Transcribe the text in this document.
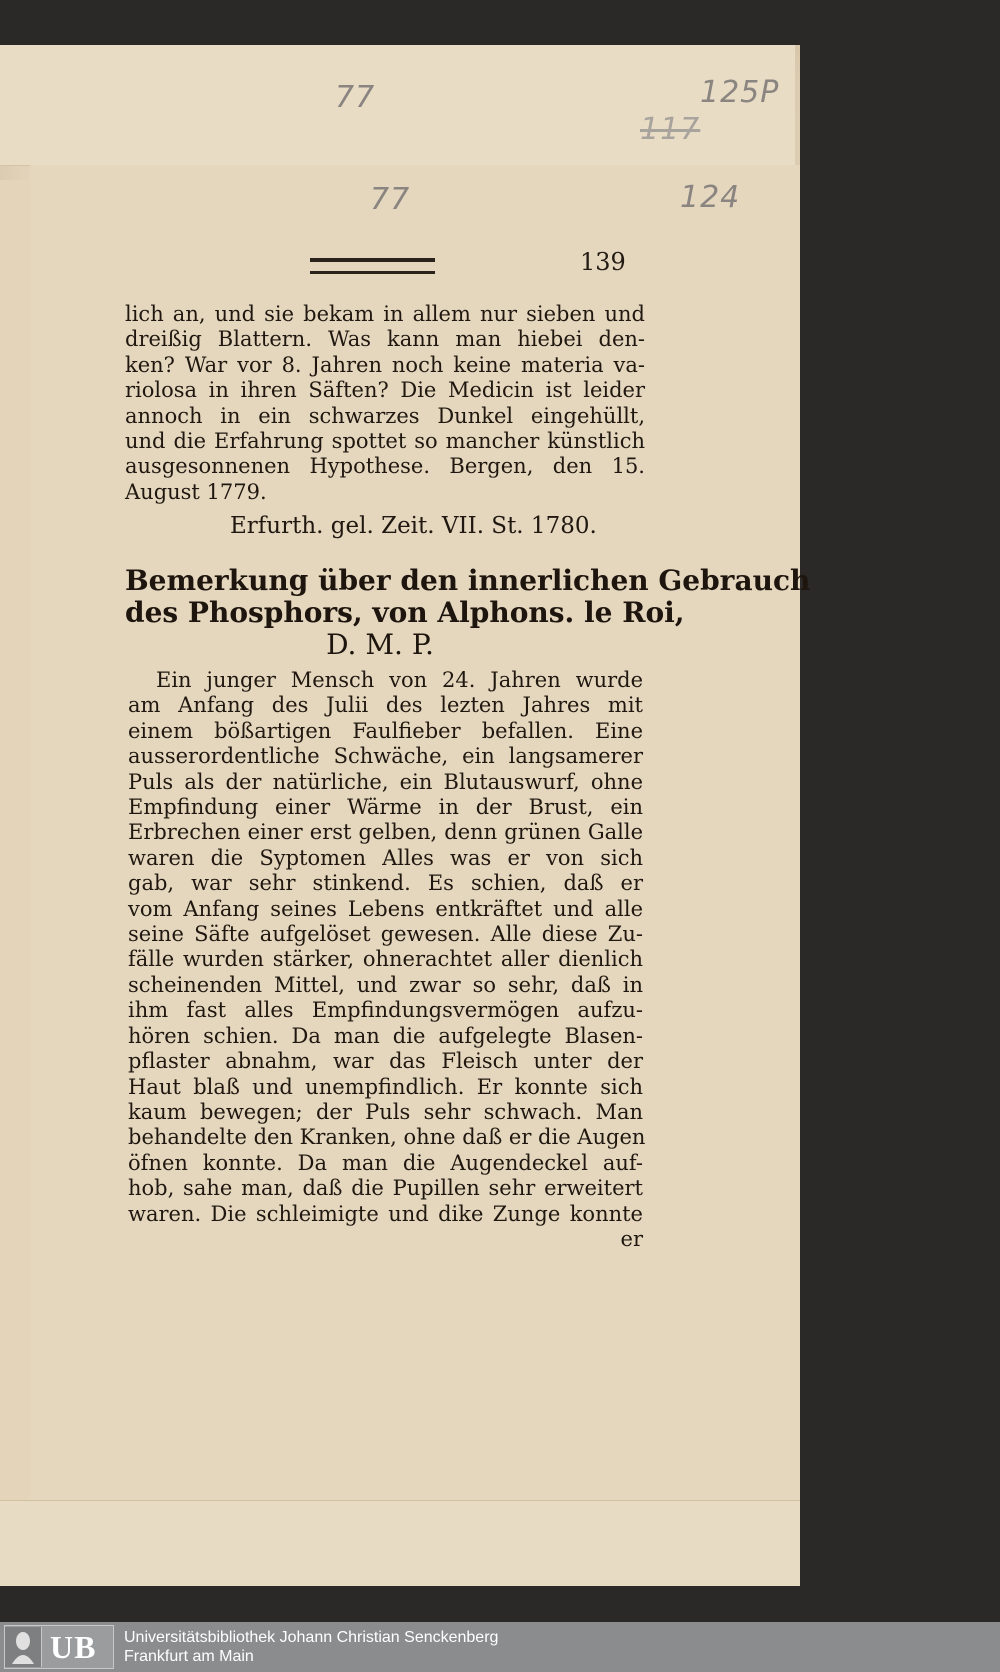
77	125P
117
77	124
139
lich an, und sie bekam in allem nur sieben und
dreißig Blattern. Was kann man hiebei den-
ken? War vor 8. Jahren noch keine materia va-
riolosa in ihren Säften? Die Medicin ist leider
annoch in ein schwarzes Dunkel eingehüllt,
und die Erfahrung spottet so mancher künstlich
ausgesonnenen Hypothese. Bergen, den 15.
August 1779.
Erfurth. gel. Zeit. VII. St. 1780.
Bemerkung über den innerlichen Gebrauch
des Phosphors, von Alphons. le Roi,
D. M. P.
Ein junger Mensch von 24. Jahren wurde
am Anfang des Julii des lezten Jahres mit
einem bößartigen Faulfieber befallen. Eine
ausserordentliche Schwäche, ein langsamerer
Puls als der natürliche, ein Blutauswurf, ohne
Empfindung einer Wärme in der Brust, ein
Erbrechen einer erst gelben, denn grünen Galle
waren die Syptomen Alles was er von sich
gab, war sehr stinkend. Es schien, daß er
vom Anfang seines Lebens entkräftet und alle
seine Säfte aufgelöset gewesen. Alle diese Zu-
fälle wurden stärker, ohnerachtet aller dienlich
scheinenden Mittel, und zwar so sehr, daß in
ihm fast alles Empfindungsvermögen aufzu-
hören schien. Da man die aufgelegte Blasen-
pflaster abnahm, war das Fleisch unter der
Haut blaß und unempfindlich. Er konnte sich
kaum bewegen; der Puls sehr schwach. Man
behandelte den Kranken, ohne daß er die Augen
öfnen konnte. Da man die Augendeckel auf-
hob, sahe man, daß die Pupillen sehr erweitert
waren. Die schleimigte und dike Zunge konnte
er
UB Universitätsbibliothek Johann Christian Senckenberg
Frankfurt am Main
